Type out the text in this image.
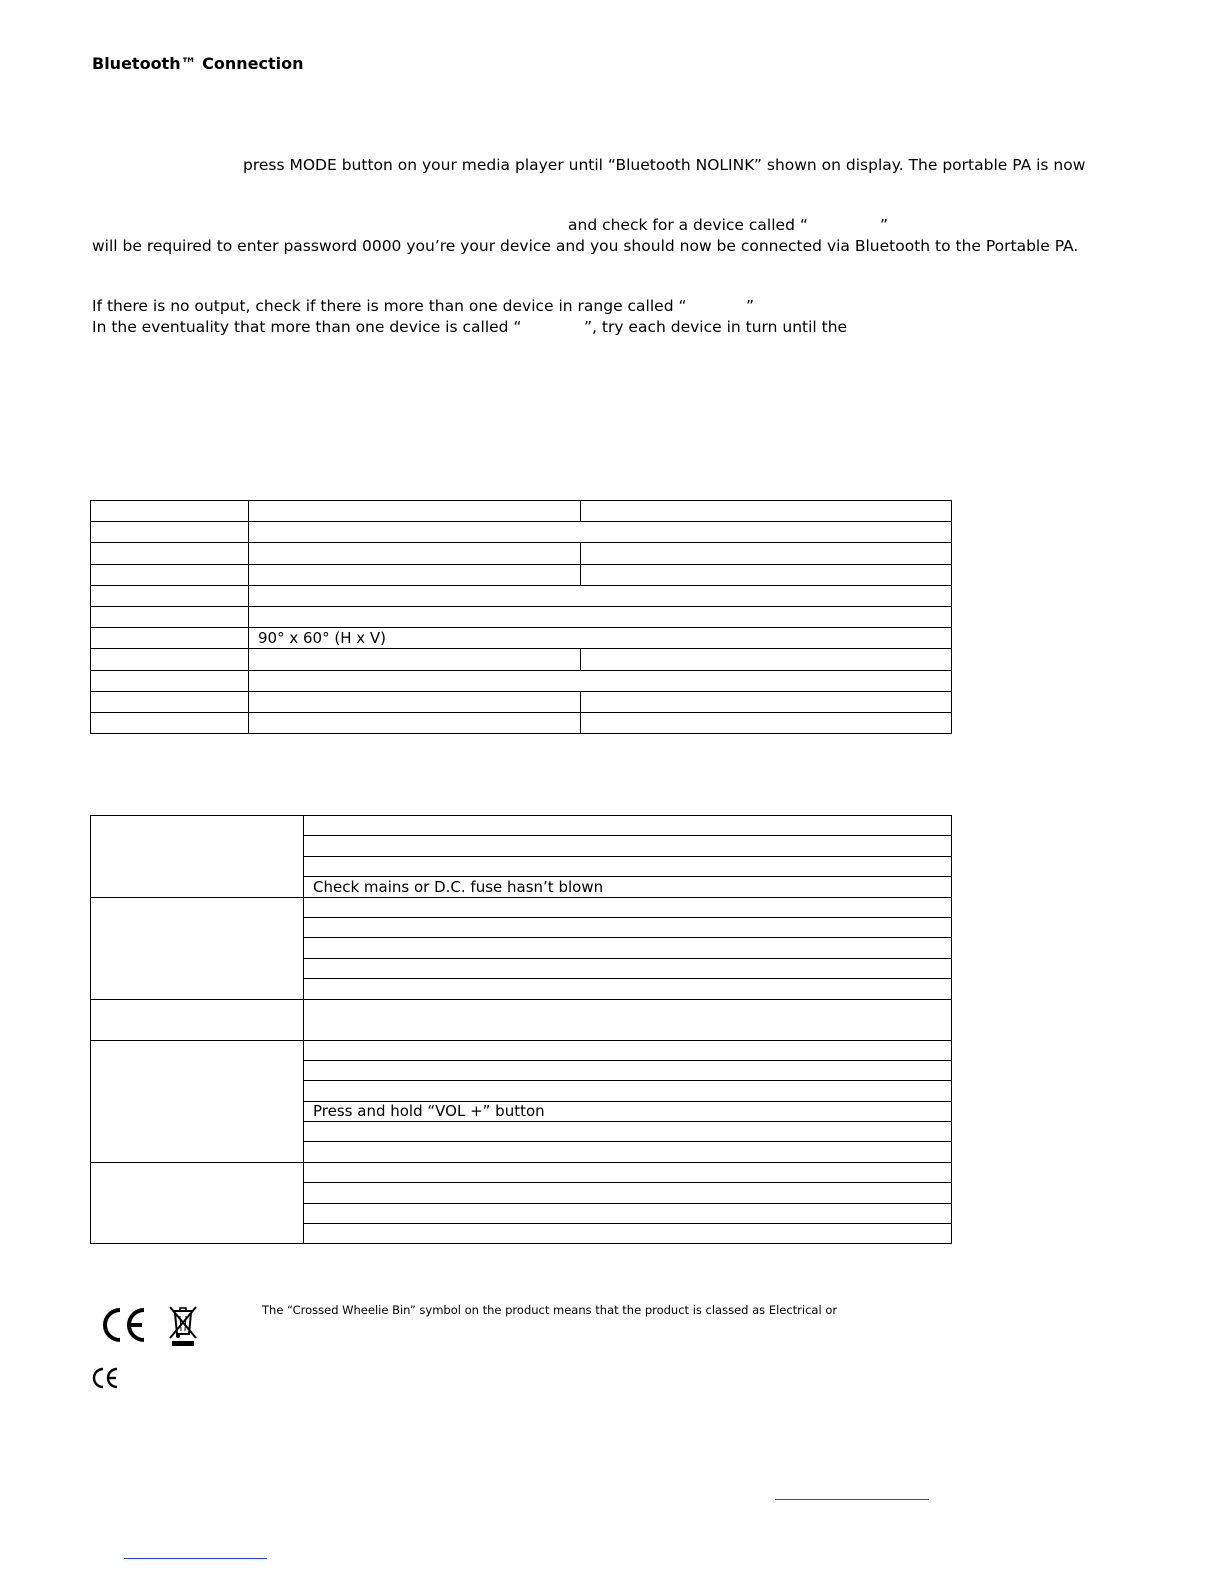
Bluetooth™ Connection
press MODE button on your media player until “Bluetooth NOLINK” shown on display. The portable PA is now
and check for a device called “	”
will be required to enter password 0000 you’re your device and you should now be connected via Bluetooth to the Portable PA.
If there is no output, check if there is more than one device in range called “	”
In the eventuality that more than one device is called “	”, try each device in turn until the

	90° x 60° (H x V)	

	Check mains or D.C. fuse hasn’t blown

	Press and hold “VOL +” button

The “Crossed Wheelie Bin” symbol on the product means that the product is classed as Electrical or
